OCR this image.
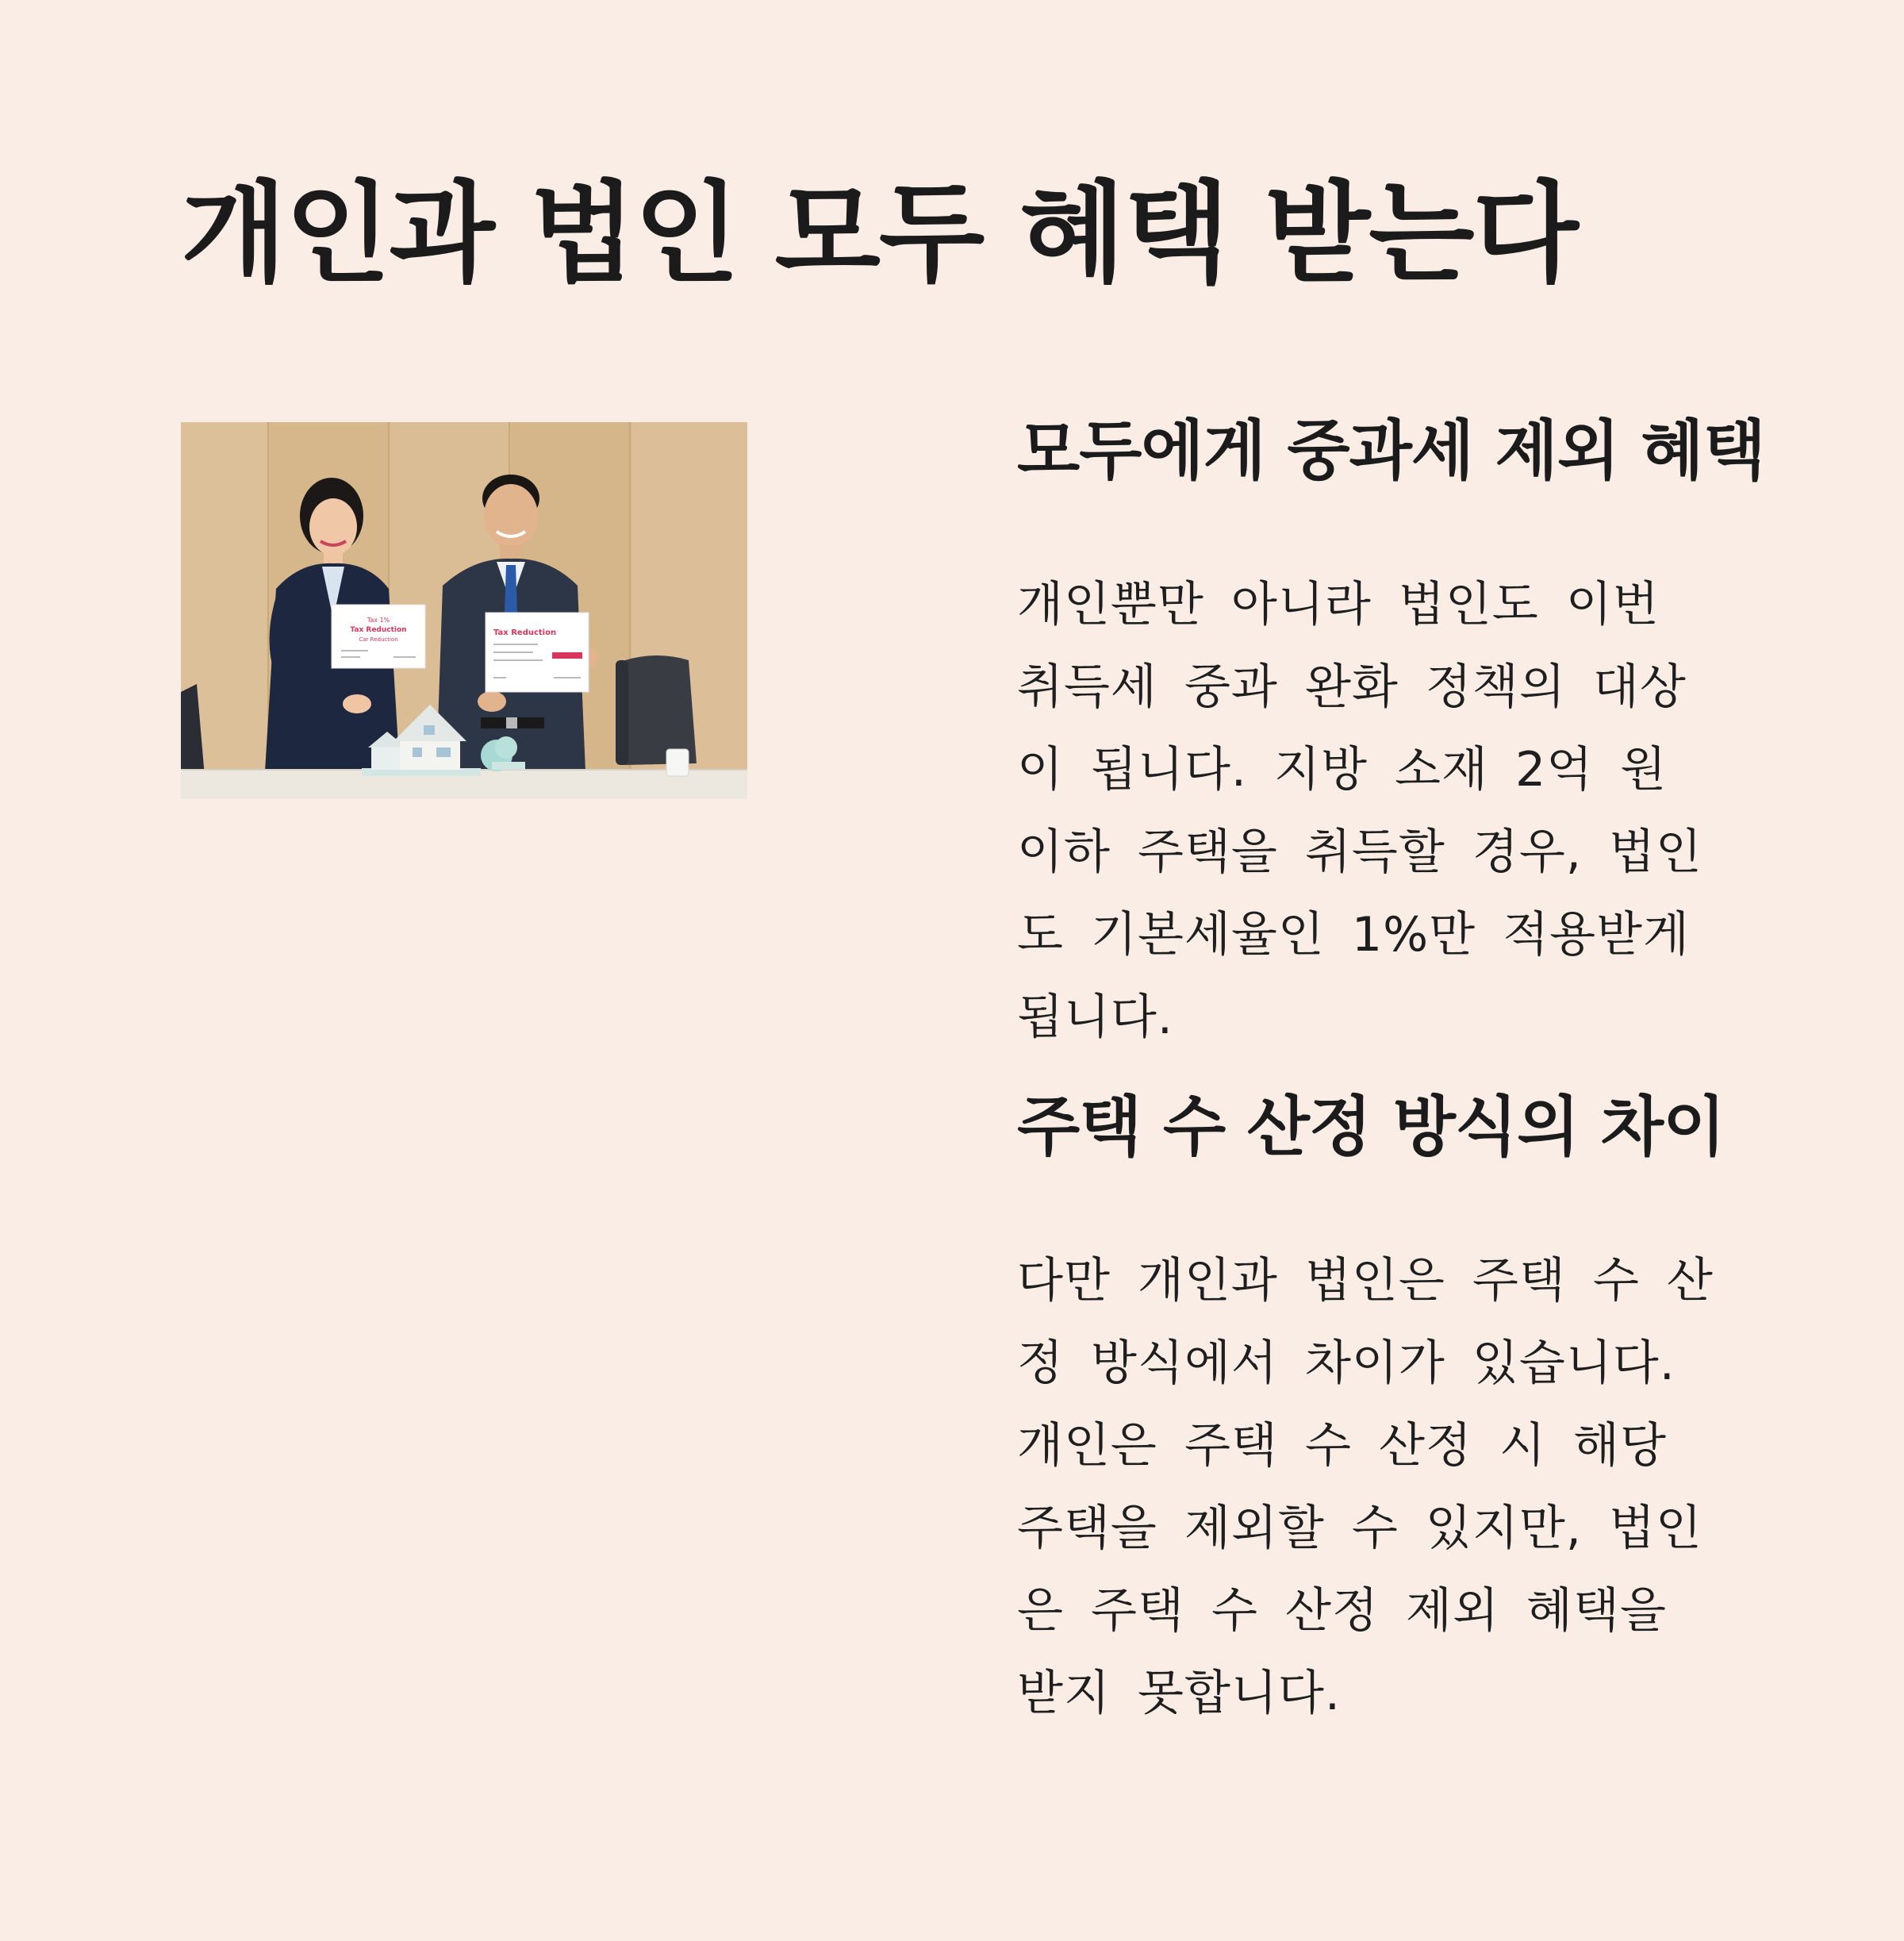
개인과 법인 모두 혜택 받는다
Tax 1%
Tax Reduction
Car Reduction
Tax Reduction
모두에게 중과세 제외 혜택
개인뿐만 아니라 법인도 이번
취득세 중과 완화 정책의 대상
이 됩니다. 지방 소재 2억 원
이하 주택을 취득할 경우, 법인
도 기본세율인 1%만 적용받게
됩니다.
주택 수 산정 방식의 차이
다만 개인과 법인은 주택 수 산
정 방식에서 차이가 있습니다.
개인은 주택 수 산정 시 해당
주택을 제외할 수 있지만, 법인
은 주택 수 산정 제외 혜택을
받지 못합니다.
